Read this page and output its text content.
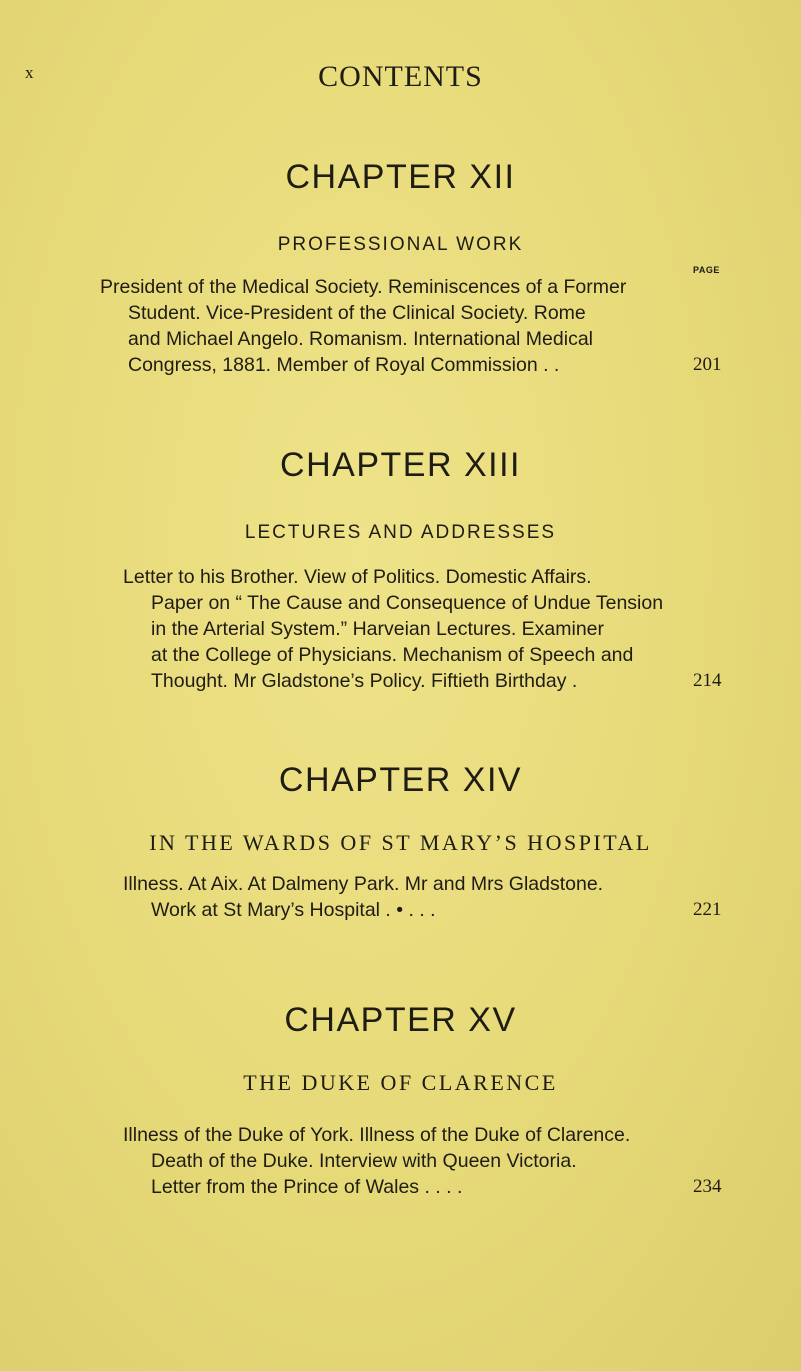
x	CONTENTS
CHAPTER XII
PROFESSIONAL WORK
PAGE
President of the Medical Society. Reminiscences of a Former
Student. Vice-President of the Clinical Society. Rome
and Michael Angelo. Romanism. International Medical
Congress, 1881. Member of Royal Commission . .	201
CHAPTER XIII
LECTURES AND ADDRESSES
Letter to his Brother. View of Politics. Domestic Affairs.
Paper on “ The Cause and Consequence of Undue Tension
in the Arterial System.” Harveian Lectures. Examiner
at the College of Physicians. Mechanism of Speech and
Thought. Mr Gladstone’s Policy. Fiftieth Birthday .	214
CHAPTER XIV
IN THE WARDS OF ST MARY’S HOSPITAL
Illness. At Aix. At Dalmeny Park. Mr and Mrs Gladstone.
Work at St Mary’s Hospital . • . . .	221
CHAPTER XV
THE DUKE OF CLARENCE
Illness of the Duke of York. Illness of the Duke of Clarence.
Death of the Duke. Interview with Queen Victoria.
Letter from the Prince of Wales . . . .	234
